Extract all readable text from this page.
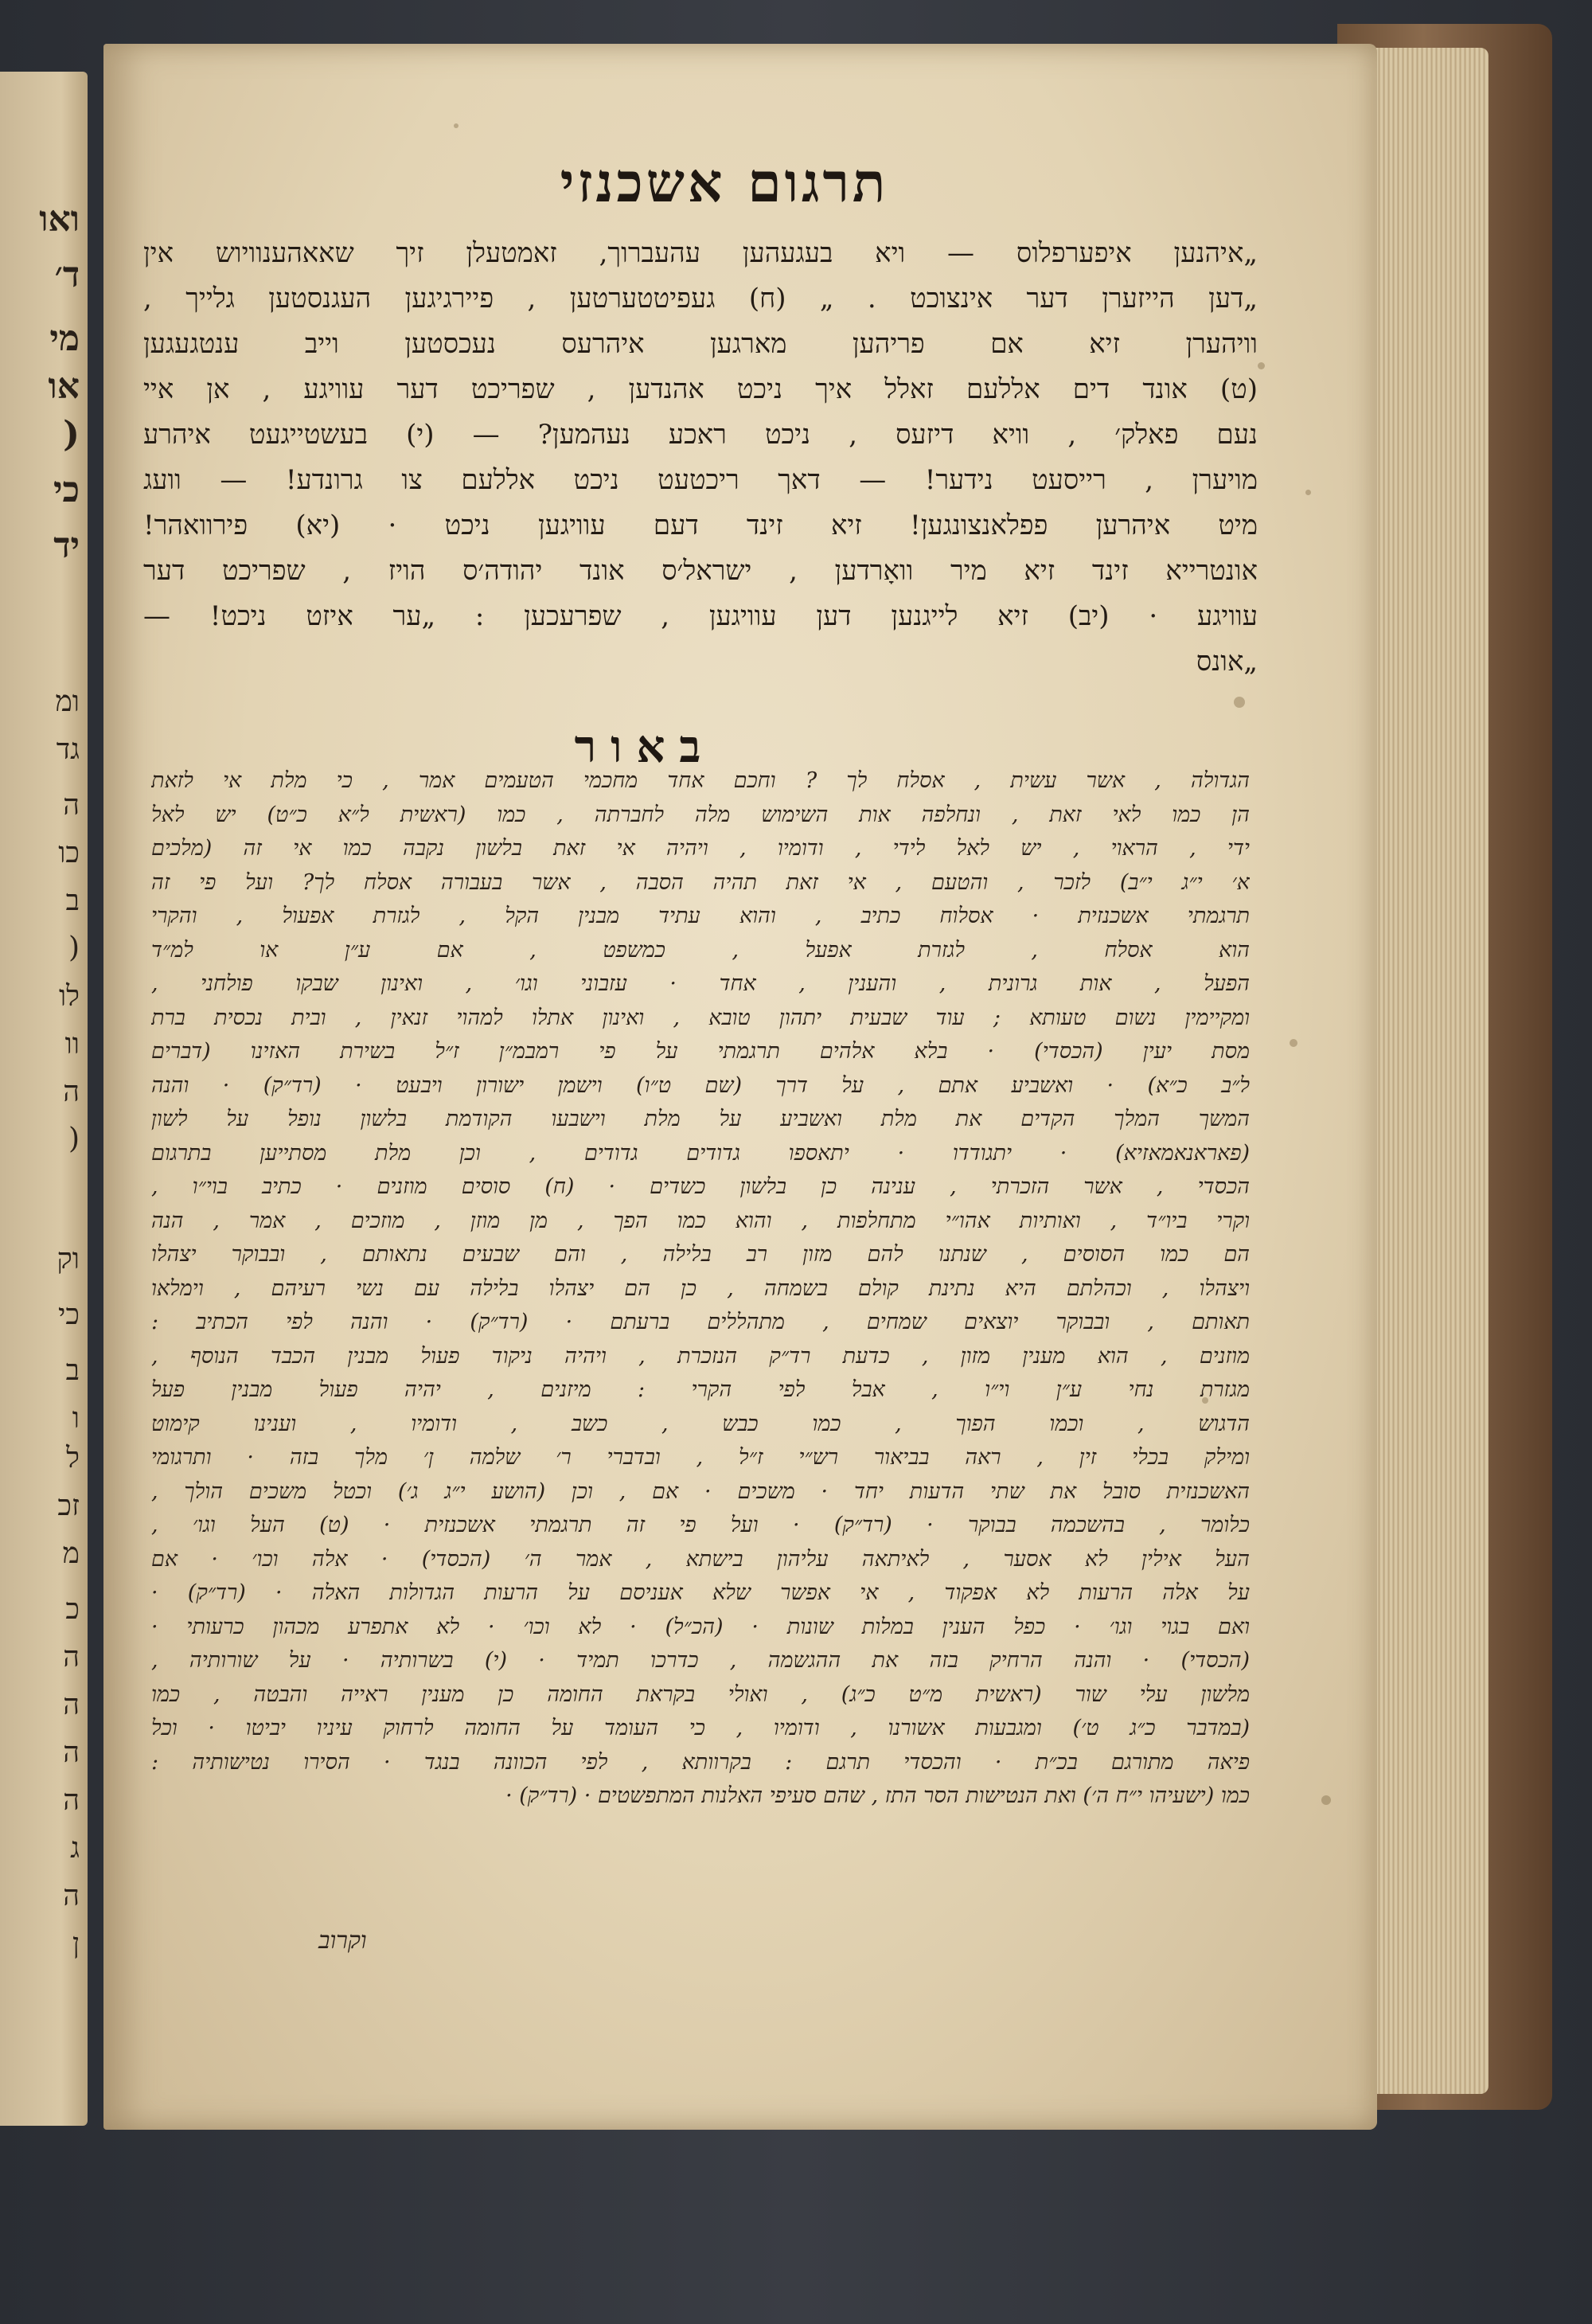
ואו
ד׳
מי
או
(
כי
יד
ומ
גד
ה
כו
ב
(
לו
וו
ה
(
וק
כי
ב
ו
ל
זכ
מ
כ
ה
ה
ה
ה
ג
ה
ן
תרגום אשכנזי
„איהנען איפערפלוס — ויא בעגעהען עהעברוך, זאמטעלן זיך שאאהענוויוש אין
„דען הייזערן דער אינצוכט . „ (ח) געפיטטערטען , פיירגיגען העגנסטען גלייך ,
וויהערן זיא אם פריהען מארגען איהרעס נעכסטען וייב ענטגעגען
(ט) אונד דים אללעם זאלל איך ניכט אהנדען , שפריכט דער עוויגע , אן איי
נעם פאלק׳ , וויא דיזעס , ניכט ראכע נעהמען? — (י) בעשטייגעט איהרע
מויערן , רייסעט נידער! — דאך ריכטעט ניכט אללעם צו גרונדע! — וועג
מיט איהרען פפלאנצונגען! זיא זינד דעם עוויגען ניכט · (יא) פירוואהר!
אונטרייא זינד זיא מיר וואָרדען , ישראל׳ס אונד יהודה׳ס הויז , שפריכט דער
עוויגע · (יב) זיא לייגנען דען עוויגען , שפרעכען : „ער איזט ניכט! —
„אונס
באור
הגדולה , אשר עשית , אסלח לך ? וחכם אחד מחכמי הטעמים אמר , כי מלת אי לזאת
הן כמו לאי זאת , ונחלפה אות השימוש מלה לחברתה , כמו (ראשית ל״א כ״ט) יש לאל
ידי , הראוי , יש לאל לידי , ודומיו , ויהיה אי זאת בלשון נקבה כמו אי זה (מלכים
א׳ י״ג י״ב) לזכר , והטעם , אי זאת תהיה הסבה , אשר בעבורה אסלח לך? ועל פי זה
תרגמתי אשכנזית · אסלוח כתיב , והוא עתיד מבנין הקל , לגזרת אפעול , והקרי
הוא אסלח , לגזרת אפעל , כמשפט , אם ע״ן או למ״ד
הפעל , אות גרונית , והענין , אחד · עזבוני וגו׳ , ואינון שבקו פולחני ,
ומקיימין נשום טעותא ; עוד שבעית יתהון טובא , ואינון אתלו למהוי זנאין , ובית נכסית ברת
מסת יעין (הכסדי) · בלא אלהים תרגמתי על פי רמבמ״ן ז״ל בשירת האזינו (דברים
ל״ב כ״א) · ואשביע אתם , על דרך (שם ט״ו) וישמן ישורון ויבעט · (רד״ק) · והנה
המשך המלך הקדים את מלת ואשביע על מלת וישבעו הקודמת בלשון נופל על לשון
(פאראנאמאזיא) · יתגודדו · יתאספו גדודים גדודים , וכן מלת מסתייען בתרגום
הכסדי , אשר הזכרתי , ענינה כן בלשון כשדים · (ח) סוסים מוזנים · כתיב בוי״ו ,
וקרי ביו״ד , ואותיות אהו״י מתחלפות , והוא כמו הפך , מן מוזן , מוזכים , אמר , הנה
הם כמו הסוסים , שנתנו להם מזון רב בלילה , והם שבעים נתאותם , ובבוקר יצהלו
ויצהלו , וכהלתם היא נתינת קולם בשמחה , כן הם יצהלו בלילה עם נשי רעיהם , וימלאו
תאותם , ובבוקר יוצאים שמחים , מתהללים ברעתם · (רד״ק) · והנה לפי הכתיב :
מוזנים , הוא מענין מזון , כדעת רד״ק הנזכרת , ויהיה ניקוד פעול מבנין הכבד הנוסף ,
מגזרת נחי ע״ן וי״ו , אבל לפי הקרי : מיזנים , יהיה פעול מבנין פעל
הדגוש , וכמו הפוך , כמו כבש , כשב , ודומיו , וענינו קימוט
ומילק בכלי זין , ראה בביאור רש״י ז״ל , ובדברי ר׳ שלמה ן׳ מלך בזה · ותרגומי
האשכנזית סובל את שתי הדעות יחד · משכים · אם , וכן (הושע י״ג ג׳) וכטל משכים הולך ,
כלומר , בהשכמה בבוקר · (רד״ק) · ועל פי זה תרגמתי אשכנזית · (ט) העל וגו׳ ,
העל אילין לא אסער , לאיתאה עליהון בישתא , אמר ה׳ (הכסדי) · אלה וכו׳ · אם
על אלה הרעות לא אפקוד , אי אפשר שלא אעניסם על הרעות הגדולות האלה · (רד״ק) ·
ואם בגוי וגו׳ · כפל הענין במלות שונות · (הכ״ל) · לא וכו׳ · לא אתפרע מכהון כרעותי ·
(הכסדי) · והנה הרחיק בזה את ההגשמה , כדרכו תמיד · (י) בשרותיה · על שורותיה ,
מלשון עלי שור (ראשית מ״ט כ״ג) , ואולי בקראת החומה כן מענין ראייה והבטה , כמו
(במדבר כ״ג ט׳) ומגבעות אשורנו , ודומיו , כי העומד על החומה לרחוק עיניו יביטו · וכל
פיאה מתורגם בכ״ת · והכסדי תרגם : בקרוותא , לפי הכוונה בנגד · הסירו נטישותיה :
כמו (ישעיהו י״ח ה׳) ואת הנטישות הסר התז , שהם סעיפי האלנות המתפשטים · (רד״ק) ·
וקרוב
